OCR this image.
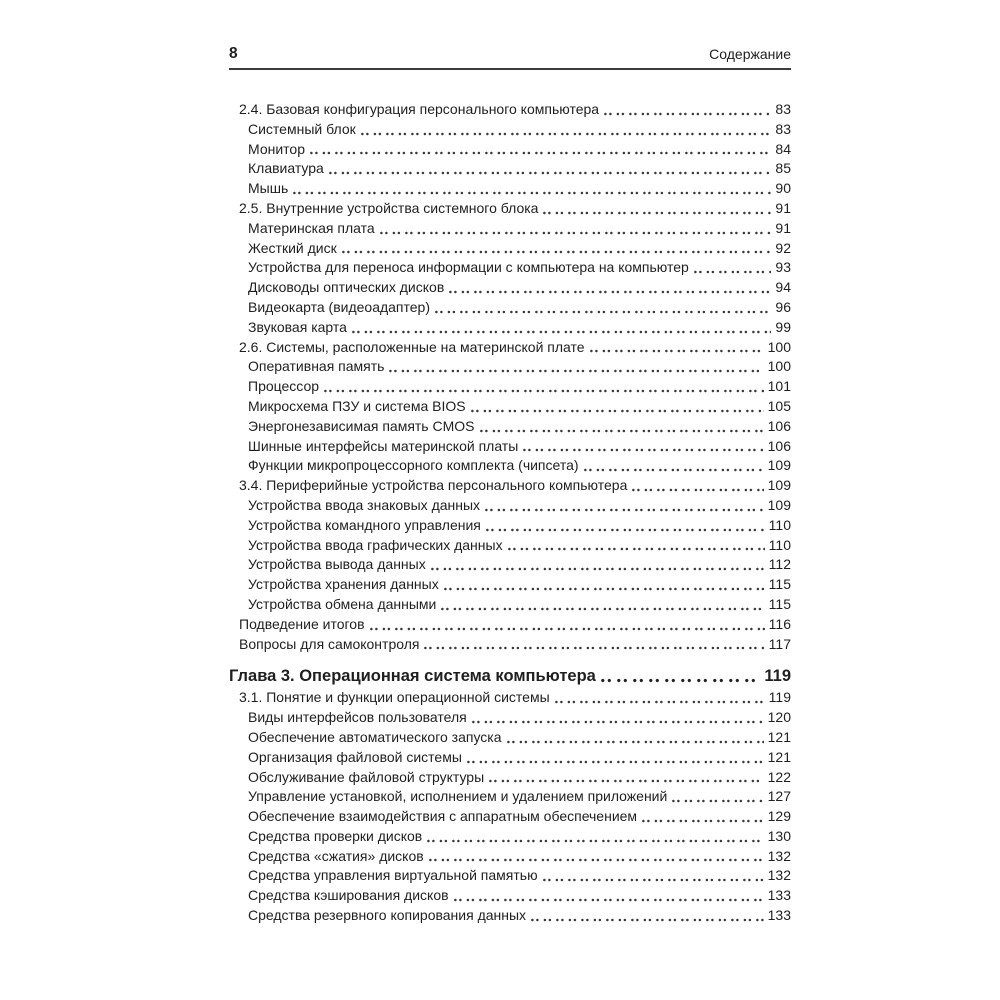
8	Содержание
2.4. Базовая конфигурация персонального компьютера	83
Системный блок	83
Монитор	84
Клавиатура	85
Мышь	90
2.5. Внутренние устройства системного блока	91
Материнская плата	91
Жесткий диск	92
Устройства для переноса информации с компьютера на компьютер	93
Дисководы оптических дисков	94
Видеокарта (видеоадаптер)	96
Звуковая карта	99
2.6. Системы, расположенные на материнской плате	100
Оперативная память	100
Процессор	101
Микросхема ПЗУ и система BIOS	105
Энергонезависимая память CMOS	106
Шинные интерфейсы материнской платы	106
Функции микропроцессорного комплекта (чипсета)	109
3.4. Периферийные устройства персонального компьютера	109
Устройства ввода знаковых данных	109
Устройства командного управления	110
Устройства ввода графических данных	110
Устройства вывода данных	112
Устройства хранения данных	115
Устройства обмена данными	115
Подведение итогов	116
Вопросы для самоконтроля	117
Глава 3. Операционная система компьютера	119
3.1. Понятие и функции операционной системы	119
Виды интерфейсов пользователя	120
Обеспечение автоматического запуска	121
Организация файловой системы	121
Обслуживание файловой структуры	122
Управление установкой, исполнением и удалением приложений	127
Обеспечение взаимодействия с аппаратным обеспечением	129
Средства проверки дисков	130
Средства «сжатия» дисков	132
Средства управления виртуальной памятью	132
Средства кэширования дисков	133
Средства резервного копирования данных	133
